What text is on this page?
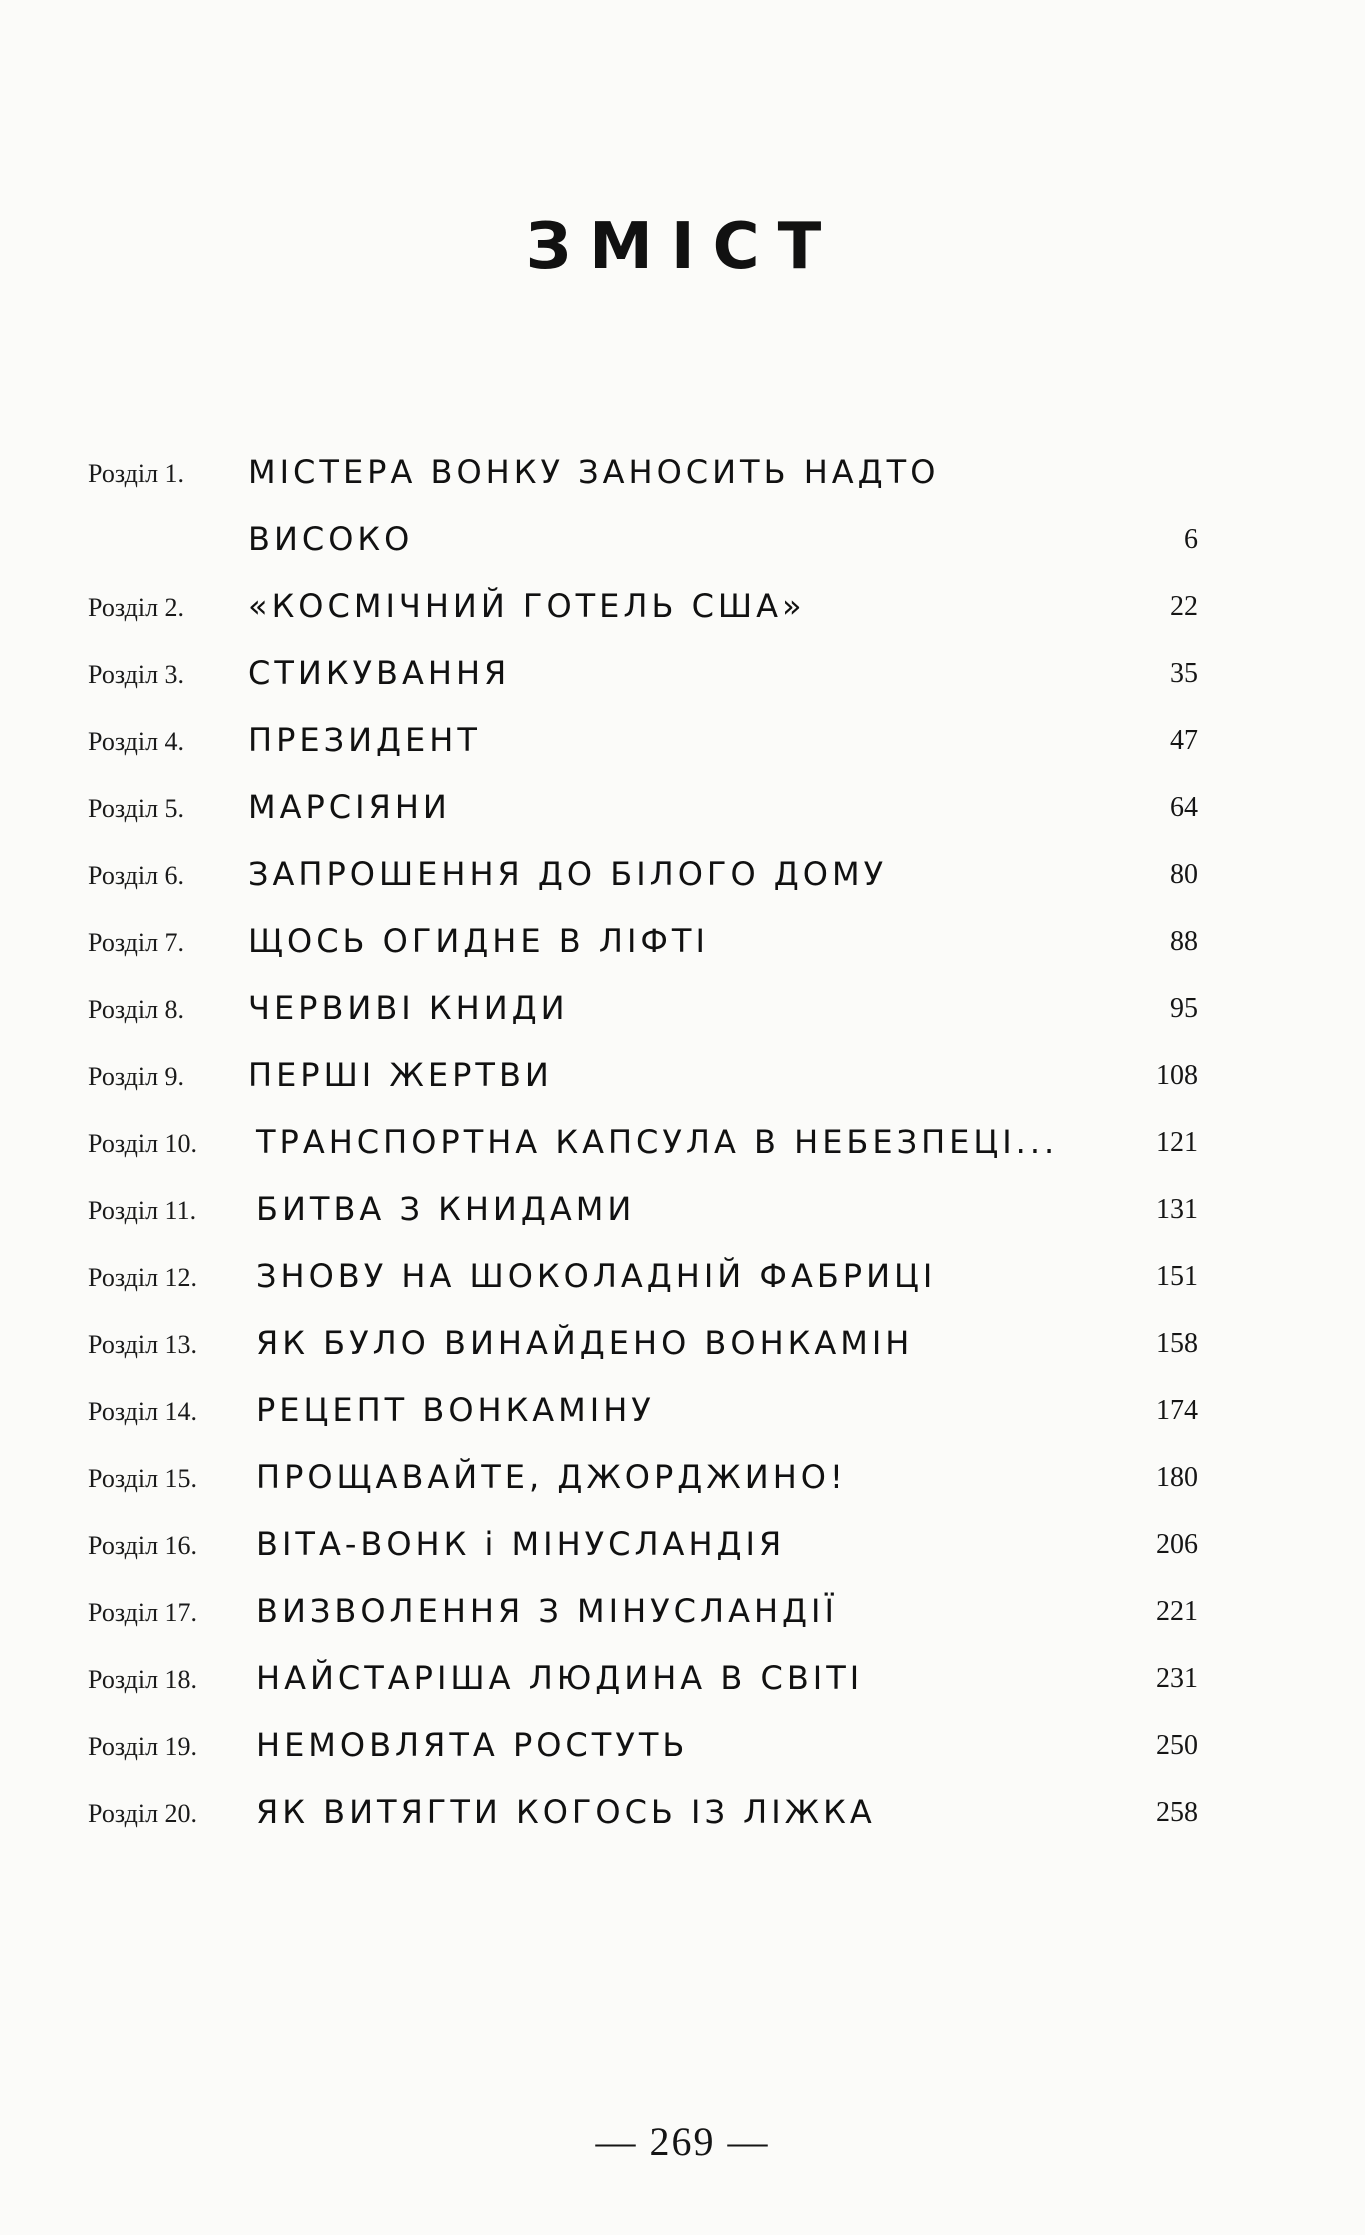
ЗМІСТ
Розділ 1. МІСТЕРА ВОНКУ ЗАНОСИТЬ НАДТО
ВИСОКО	6
Розділ 2. «КОСМІЧНИЙ ГОТЕЛЬ США»	22
Розділ 3. СТИКУВАННЯ	35
Розділ 4. ПРЕЗИДЕНТ	47
Розділ 5. МАРСІЯНИ	64
Розділ 6. ЗАПРОШЕННЯ ДО БІЛОГО ДОМУ	80
Розділ 7. ЩОСЬ ОГИДНЕ В ЛІФТІ	88
Розділ 8. ЧЕРВИВІ КНИДИ	95
Розділ 9. ПЕРШІ ЖЕРТВИ	108
Розділ 10. ТРАНСПОРТНА КАПСУЛА В НЕБЕЗПЕЦІ...	121
Розділ 11. БИТВА З КНИДАМИ	131
Розділ 12. ЗНОВУ НА ШОКОЛАДНІЙ ФАБРИЦІ	151
Розділ 13. ЯК БУЛО ВИНАЙДЕНО ВОНКАМІН	158
Розділ 14. РЕЦЕПТ ВОНКАМІНУ	174
Розділ 15. ПРОЩАВАЙТЕ, ДЖОРДЖИНО!	180
Розділ 16. ВІТА-ВОНК і МІНУСЛАНДІЯ	206
Розділ 17. ВИЗВОЛЕННЯ З МІНУСЛАНДІЇ	221
Розділ 18. НАЙСТАРІША ЛЮДИНА В СВІТІ	231
Розділ 19. НЕМОВЛЯТА РОСТУТЬ	250
Розділ 20. ЯК ВИТЯГТИ КОГОСЬ ІЗ ЛІЖКА	258
— 269 —
